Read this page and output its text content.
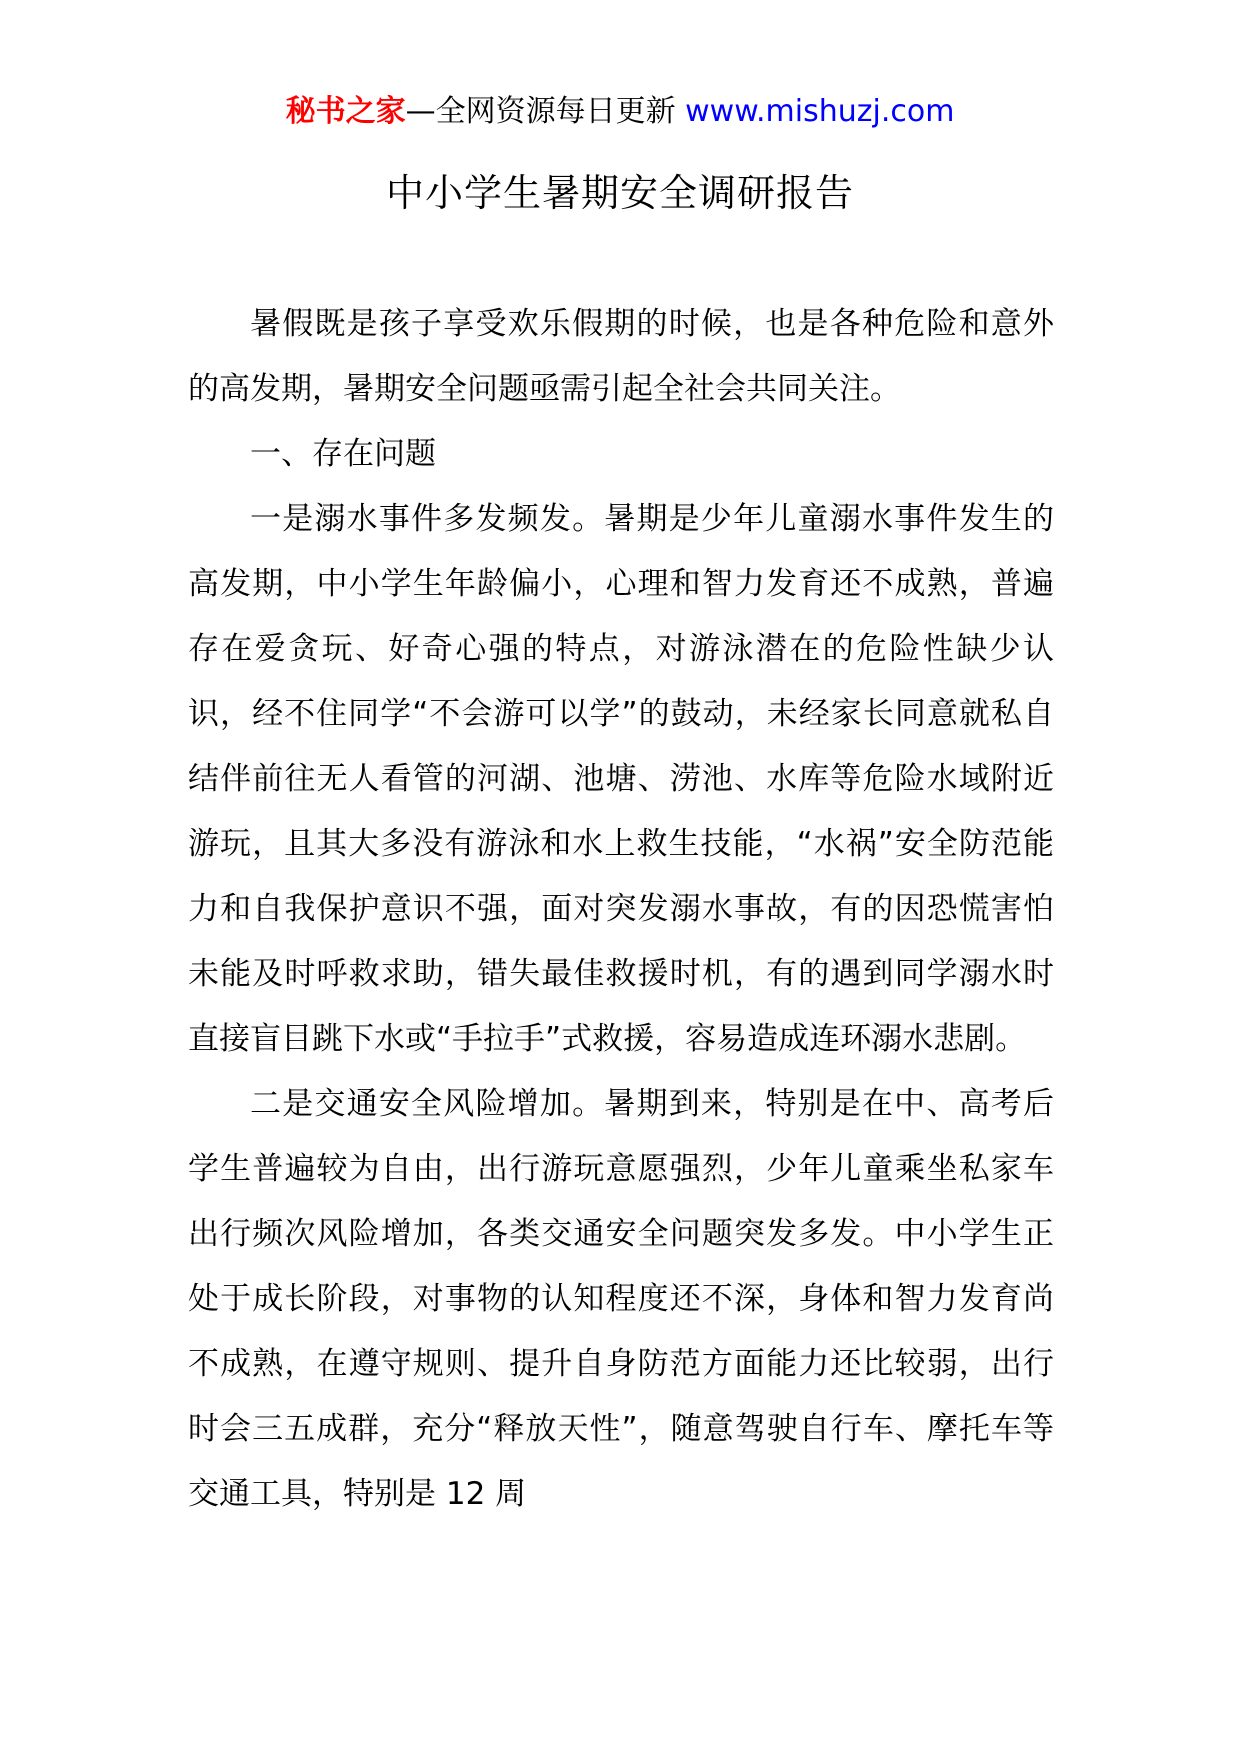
秘书之家—全网资源每日更新 www.mishuzj.com
中小学生暑期安全调研报告

暑假既是孩子享受欢乐假期的时候，也是各种危险和意外的高发期，暑期安全问题亟需引起全社会共同关注。

一、存在问题

一是溺水事件多发频发。暑期是少年儿童溺水事件发生的高发期，中小学生年龄偏小，心理和智力发育还不成熟，普遍存在爱贪玩、好奇心强的特点，对游泳潜在的危险性缺少认识，经不住同学“不会游可以学”的鼓动，未经家长同意就私自结伴前往无人看管的河湖、池塘、涝池、水库等危险水域附近游玩，且其大多没有游泳和水上救生技能，“水祸”安全防范能力和自我保护意识不强，面对突发溺水事故，有的因恐慌害怕未能及时呼救求助，错失最佳救援时机，有的遇到同学溺水时直接盲目跳下水或“手拉手”式救援，容易造成连环溺水悲剧。

二是交通安全风险增加。暑期到来，特别是在中、高考后学生普遍较为自由，出行游玩意愿强烈，少年儿童乘坐私家车出行频次风险增加，各类交通安全问题突发多发。中小学生正处于成长阶段，对事物的认知程度还不深，身体和智力发育尚不成熟，在遵守规则、提升自身防范方面能力还比较弱，出行时会三五成群，充分“释放天性”，随意驾驶自行车、摩托车等交通工具，特别是 12 周
